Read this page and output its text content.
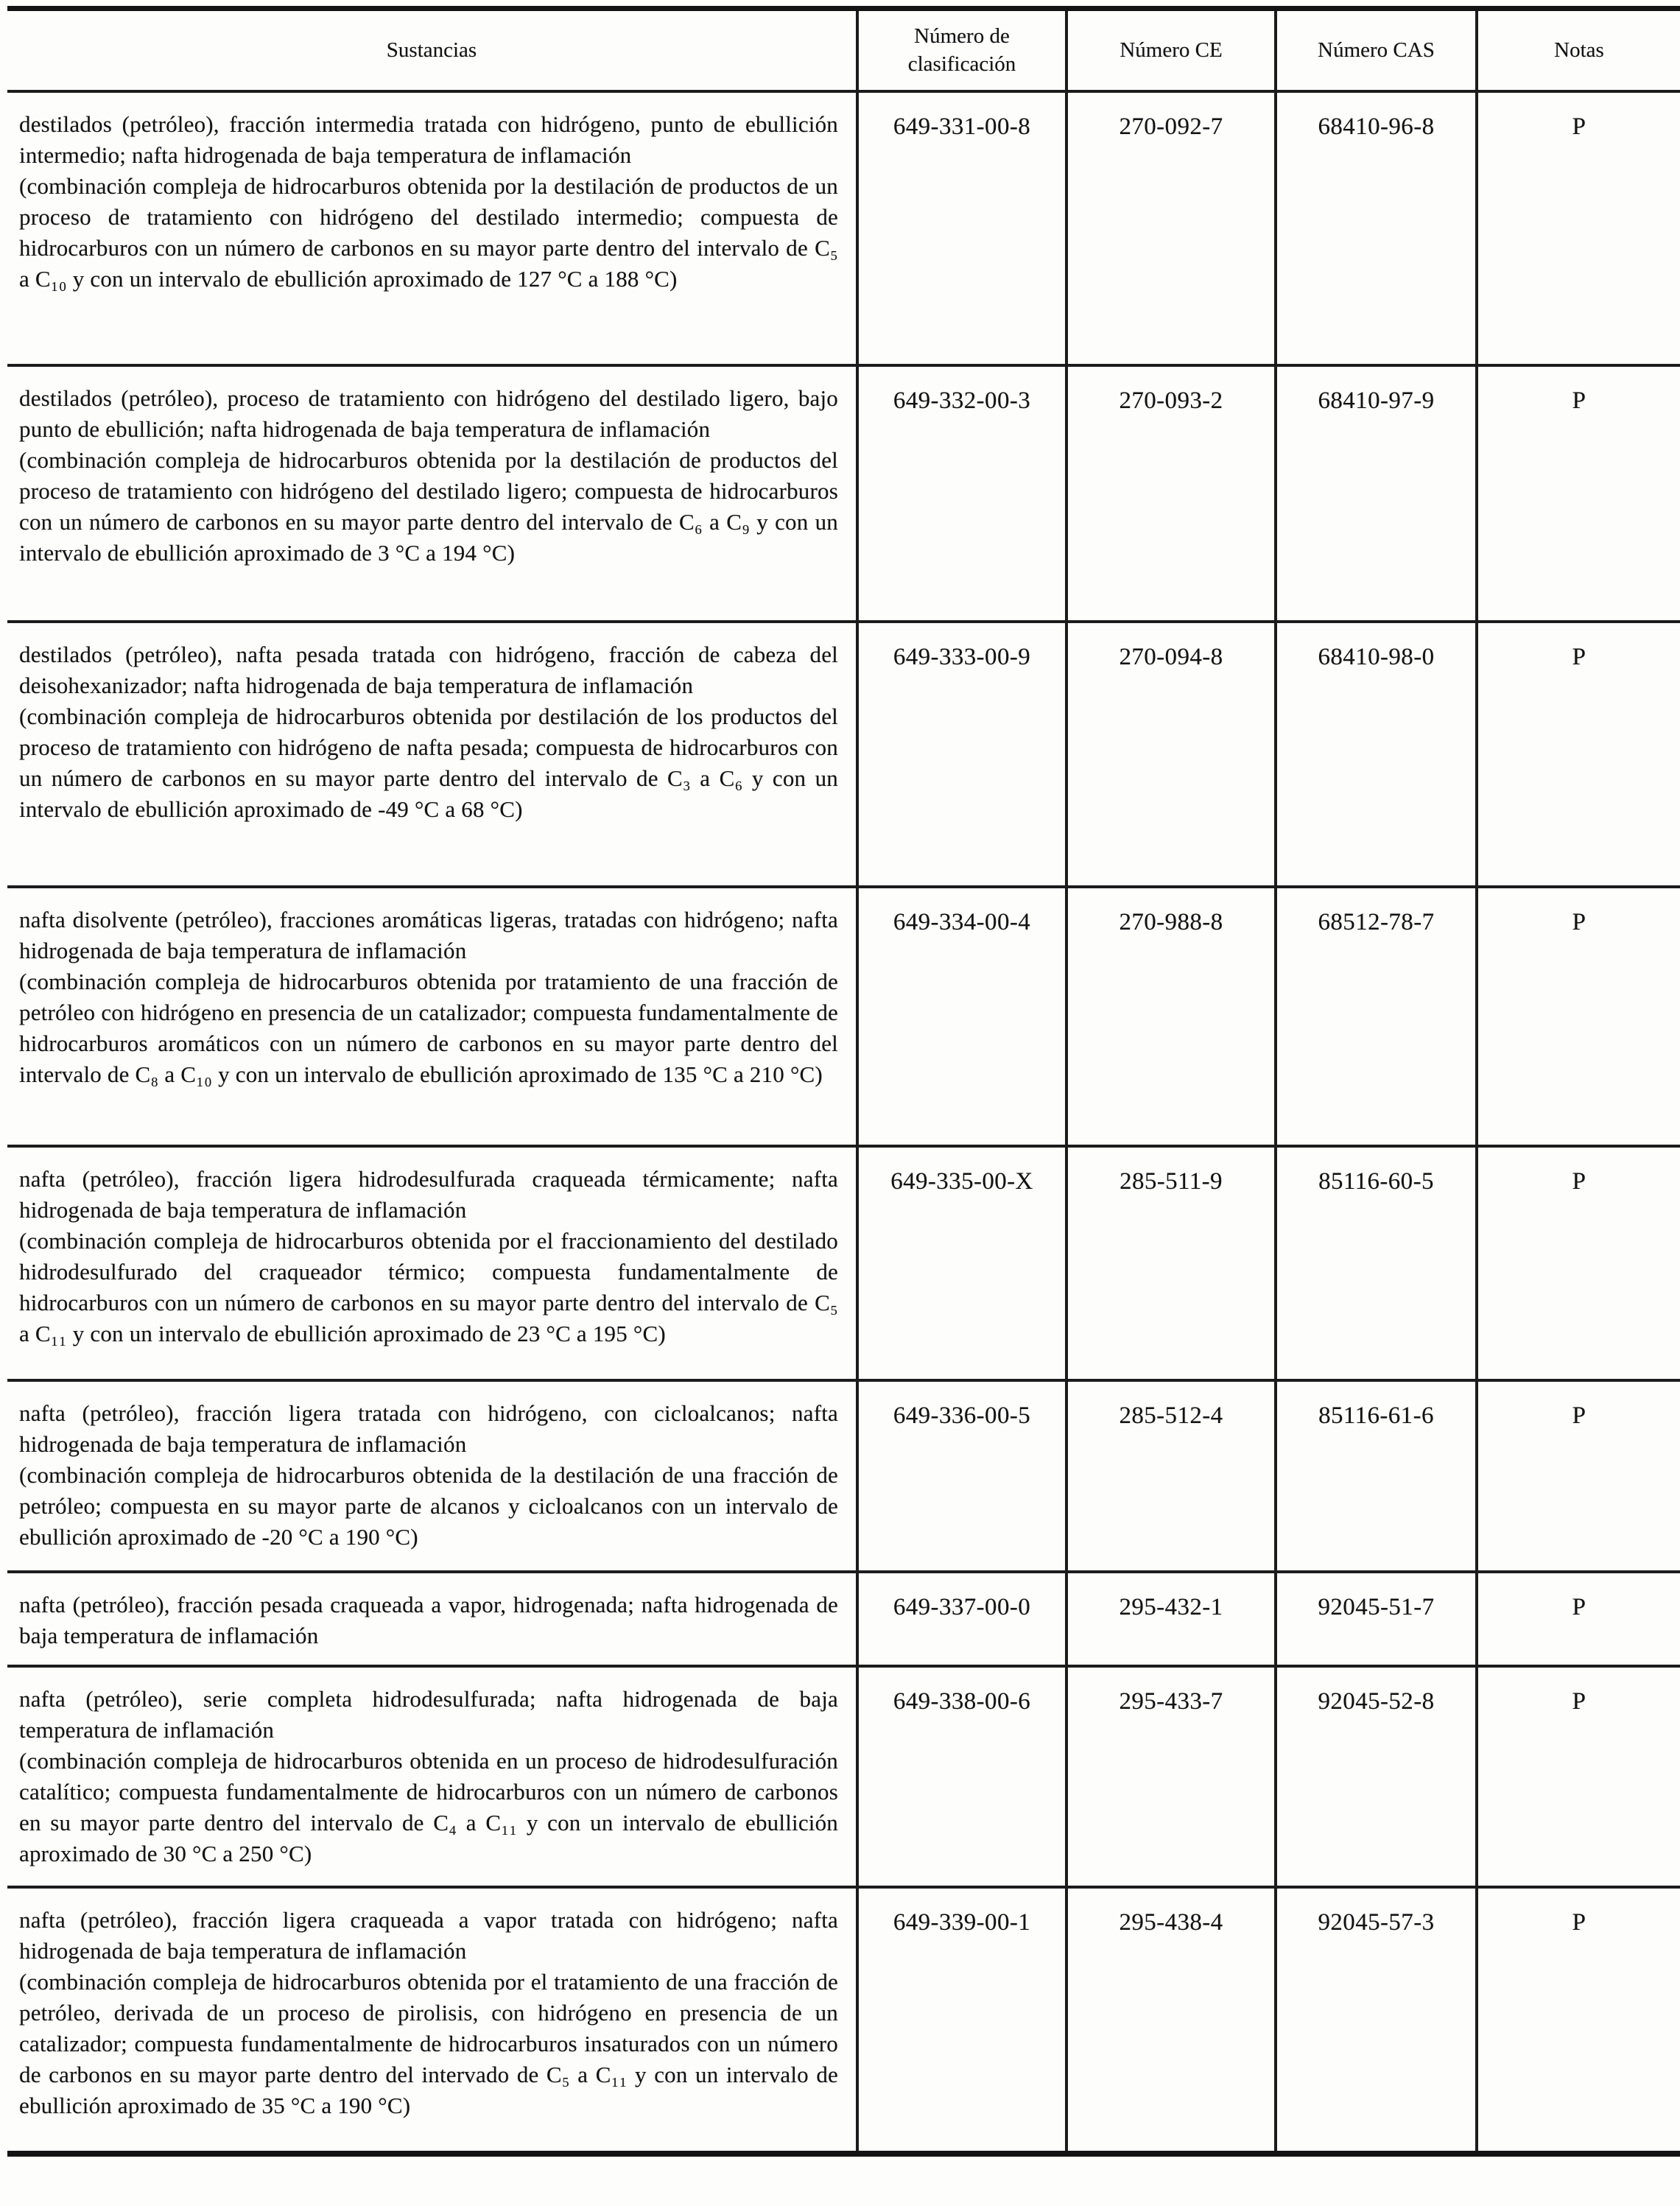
Sustancias	Número de clasificación	Número CE	Número CAS	Notas

destilados (petróleo), fracción intermedia tratada con hidrógeno, punto de ebullición intermedio; nafta hidrogenada de baja temperatura de inflamación
(combinación compleja de hidrocarburos obtenida por la destilación de productos de un proceso de tratamiento con hidrógeno del destilado intermedio; compuesta de hidrocarburos con un número de carbonos en su mayor parte dentro del intervalo de C₅ a C₁₀ y con un intervalo de ebullición aproximado de 127 °C a 188 °C)	649-331-00-8	270-092-7	68410-96-8	P

destilados (petróleo), proceso de tratamiento con hidrógeno del destilado ligero, bajo punto de ebullición; nafta hidrogenada de baja temperatura de inflamación
(combinación compleja de hidrocarburos obtenida por la destilación de productos del proceso de tratamiento con hidrógeno del destilado ligero; compuesta de hidrocarburos con un número de carbonos en su mayor parte dentro del intervalo de C₆ a C₉ y con un intervalo de ebullición aproximado de 3 °C a 194 °C)	649-332-00-3	270-093-2	68410-97-9	P

destilados (petróleo), nafta pesada tratada con hidrógeno, fracción de cabeza del deisohexanizador; nafta hidrogenada de baja temperatura de inflamación
(combinación compleja de hidrocarburos obtenida por destilación de los productos del proceso de tratamiento con hidrógeno de nafta pesada; compuesta de hidrocarburos con un número de carbonos en su mayor parte dentro del intervalo de C₃ a C₆ y con un intervalo de ebullición aproximado de -49 °C a 68 °C)	649-333-00-9	270-094-8	68410-98-0	P

nafta disolvente (petróleo), fracciones aromáticas ligeras, tratadas con hidrógeno; nafta hidrogenada de baja temperatura de inflamación
(combinación compleja de hidrocarburos obtenida por tratamiento de una fracción de petróleo con hidrógeno en presencia de un catalizador; compuesta fundamentalmente de hidrocarburos aromáticos con un número de carbonos en su mayor parte dentro del intervalo de C₈ a C₁₀ y con un intervalo de ebullición aproximado de 135 °C a 210 °C)	649-334-00-4	270-988-8	68512-78-7	P

nafta (petróleo), fracción ligera hidrodesulfurada craqueada térmicamente; nafta hidrogenada de baja temperatura de inflamación
(combinación compleja de hidrocarburos obtenida por el fraccionamiento del destilado hidrodesulfurado del craqueador térmico; compuesta fundamentalmente de hidrocarburos con un número de carbonos en su mayor parte dentro del intervalo de C₅ a C₁₁ y con un intervalo de ebullición aproximado de 23 °C a 195 °C)	649-335-00-X	285-511-9	85116-60-5	P

nafta (petróleo), fracción ligera tratada con hidrógeno, con cicloalcanos; nafta hidrogenada de baja temperatura de inflamación
(combinación compleja de hidrocarburos obtenida de la destilación de una fracción de petróleo; compuesta en su mayor parte de alcanos y cicloalcanos con un intervalo de ebullición aproximado de -20 °C a 190 °C)	649-336-00-5	285-512-4	85116-61-6	P

nafta (petróleo), fracción pesada craqueada a vapor, hidrogenada; nafta hidrogenada de baja temperatura de inflamación	649-337-00-0	295-432-1	92045-51-7	P

nafta (petróleo), serie completa hidrodesulfurada; nafta hidrogenada de baja temperatura de inflamación
(combinación compleja de hidrocarburos obtenida en un proceso de hidrodesulfuración catalítico; compuesta fundamentalmente de hidrocarburos con un número de carbonos en su mayor parte dentro del intervalo de C₄ a C₁₁ y con un intervalo de ebullición aproximado de 30 °C a 250 °C)	649-338-00-6	295-433-7	92045-52-8	P

nafta (petróleo), fracción ligera craqueada a vapor tratada con hidrógeno; nafta hidrogenada de baja temperatura de inflamación
(combinación compleja de hidrocarburos obtenida por el tratamiento de una fracción de petróleo, derivada de un proceso de pirolisis, con hidrógeno en presencia de un catalizador; compuesta fundamentalmente de hidrocarburos insaturados con un número de carbonos en su mayor parte dentro del intervado de C₅ a C₁₁ y con un intervalo de ebullición aproximado de 35 °C a 190 °C)	649-339-00-1	295-438-4	92045-57-3	P
